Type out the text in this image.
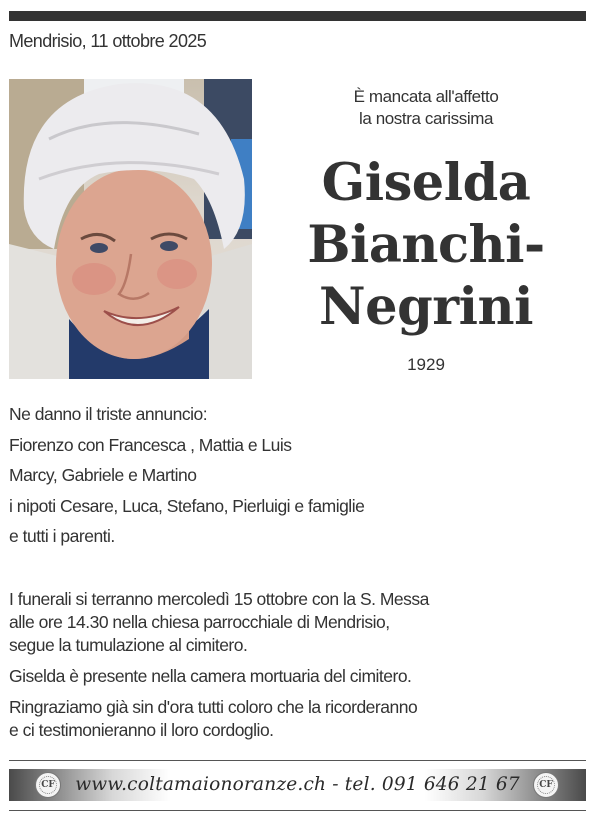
Mendrisio, 11 ottobre 2025
È mancata all'affetto
la nostra carissima
Giselda
Bianchi-
Negrini
1929
Ne danno il triste annuncio:
Fiorenzo con Francesca , Mattia e Luis
Marcy, Gabriele e Martino
i nipoti Cesare, Luca, Stefano, Pierluigi e famiglie
e tutti i parenti.

I funerali si terranno mercoledì 15 ottobre con la S. Messa
alle ore 14.30 nella chiesa parrocchiale di Mendrisio,
segue la tumulazione al cimitero.

Giselda è presente nella camera mortuaria del cimitero.

Ringraziamo già sin d'ora tutti coloro che la ricorderanno
e ci testimonieranno il loro cordoglio.

CF	www.coltamaionoranze.ch - tel. 091 646 21 67	CF
